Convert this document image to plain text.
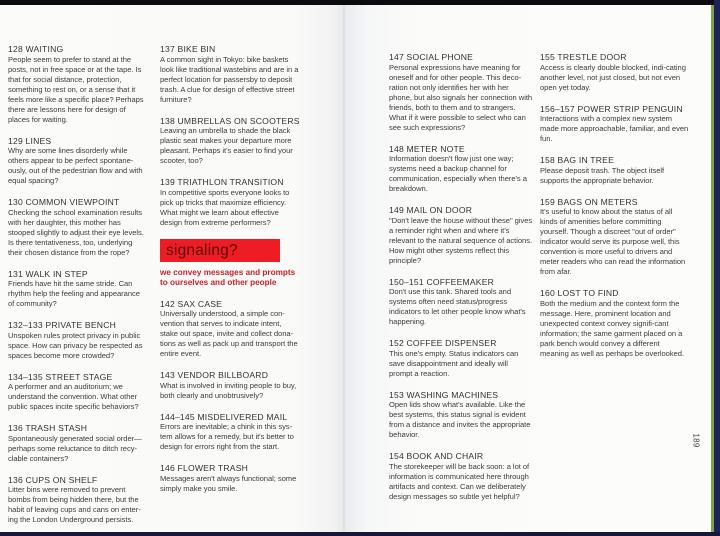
128 WAITING
People seem to prefer to stand at the posts, not in free space or at the tape. Is that for social distance, protection, something to rest on, or a sense that it feels more like a specific place? Perhaps there are lessons here for design of places for waiting.
129 LINES
Why are some lines disorderly while others appear to be perfect spontane-ously, out of the pedestrian flow and with equal spacing?
130 COMMON VIEWPOINT
Checking the school examination results with her daughter, this mother has stooped slightly to adjust their eye levels. Is there tentativeness, too, underlying their chosen distance from the rope?
131 WALK IN STEP
Friends have hit the same stride. Can rhythm help the feeling and appearance of community?
132–133 PRIVATE BENCH
Unspoken rules protect privacy in public space. How can privacy be respected as spaces become more crowded?
134–135 STREET STAGE
A performer and an auditorium; we understand the convention. What other public spaces incite specific behaviors?
136 TRASH STASH
Spontaneously generated social order—perhaps some reluctance to ditch recy-clable containers?
136 CUPS ON SHELF
Litter bins were removed to prevent bombs from being hidden there, but the habit of leaving cups and cans on enter-ing the London Underground persists.
137 BIKE BIN
A common sight in Tokyo: bike baskets look like traditional wastebins and are in a perfect location for passersby to deposit trash. A clue for design of effective street furniture?
138 UMBRELLAS ON SCOOTERS
Leaving an umbrella to shade the black plastic seat makes your departure more pleasant. Perhaps it's easier to find your scooter, too?
139 TRIATHLON TRANSITION
In competitive sports everyone looks to pick up tricks that maximize efficiency. What might we learn about effective design from extreme performers?
signaling?
we convey messages and prompts to ourselves and other people
142 SAX CASE
Universally understood, a simple con-vention that serves to indicate intent, stake out space, invite and collect dona-tions as well as pack up and transport the entire event.
143 VENDOR BILLBOARD
What is involved in inviting people to buy, both clearly and unobtrusively?
144–145 MISDELIVERED MAIL
Errors are inevitable; a chink in this sys-tem allows for a remedy, but it's better to design for errors right from the start.
146 FLOWER TRASH
Messages aren't always functional; some simply make you smile.
147 SOCIAL PHONE
Personal expressions have meaning for oneself and for other people. This deco-ration not only identifies her with her phone, but also signals her connection with friends, both to them and to strangers. What if it were possible to select who can see such expressions?
148 METER NOTE
Information doesn't flow just one way; systems need a backup channel for communication, especially when there's a breakdown.
149 MAIL ON DOOR
"Don't leave the house without these" gives a reminder right when and where it's relevant to the natural sequence of actions. How might other systems reflect this principle?
150–151 COFFEEMAKER
Don't use this tank. Shared tools and systems often need status/progress indicators to let other people know what's happening.
152 COFFEE DISPENSER
This one's empty. Status indicators can save disappointment and ideally will prompt a reaction.
153 WASHING MACHINES
Open lids show what's available. Like the best systems, this status signal is evident from a distance and invites the appropriate behavior.
154 BOOK AND CHAIR
The storekeeper will be back soon: a lot of information is communicated here through artifacts and context. Can we deliberately design messages so subtle yet helpful?
155 TRESTLE DOOR
Access is clearly double blocked, indi-cating another level, not just closed, but not even open yet today.
156–157 POWER STRIP PENGUIN
Interactions with a complex new system made more approachable, familiar, and even fun.
158 BAG IN TREE
Please deposit trash. The object itself supports the appropriate behavior.
159 BAGS ON METERS
It's useful to know about the status of all kinds of amenities before committing yourself. Though a discreet "out of order" indicator would serve its purpose well, this convention is more useful to drivers and meter readers who can read the information from afar.
160 LOST TO FIND
Both the medium and the context form the message. Here, prominent location and unexpected context convey signifi-cant information; the same garment placed on a park bench would convey a different meaning as well as perhaps be overlooked.
189
